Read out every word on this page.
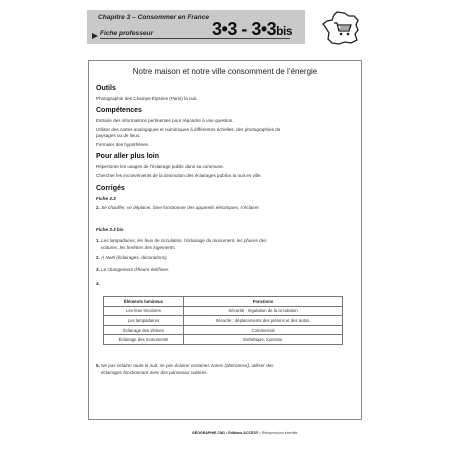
Chapitre 3 – Consommer en France
Fiche professeur	3•3 - 3•3bis
Notre maison et notre ville consomment de l’énergie
Outils
Photographie des Champs-Élysées (Paris) la nuit.
Compétences
Extraire des informations pertinentes pour répondre à une question.
Utiliser des cartes analogiques et numériques à différentes échelles, des photographies de
paysages ou de lieux.
Formuler des hypothèses.
Pour aller plus loin
Répertorier les usages de l’éclairage public dans sa commune.
Chercher les inconvénients de la diminution des éclairages publics la nuit en ville.
Corrigés
Fiche 3.3
2. Se chauffer, se déplacer, faire fonctionner des appareils électriques, s’éclairer.
Fiche 3.3 bis
1. Les lampadaires, les feux de circulation, l’éclairage du monument, les phares des
voitures, les fenêtres des logements.
2. À Noël (éclairages, décorations).
3. Le changement d’heure été/hiver.
4.
Éléments lumineux	Fonctions
Les feux tricolores	Sécurité : régulation de la circulation
Les lampadaires	Sécurité : déplacements des piétons et des autos.
Éclairage des vitrines	Commercial
Éclairage des monuments	Esthétique, tourisme
5. Ne pas éclairer toute la nuit, ne pas éclairer certaines zones (alternance), utiliser des
éclairages fonctionnant avec des panneaux solaires.
GÉOGRAPHIE CM1 • Éditions ACCÈS® • Réimpression interdite
